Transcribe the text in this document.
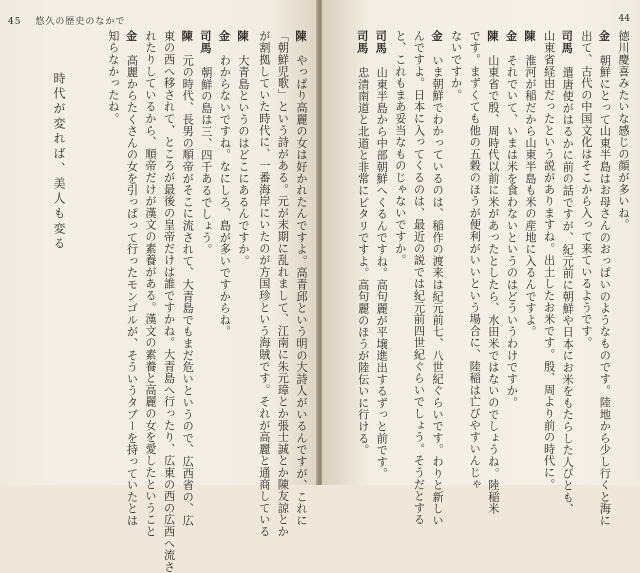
45 悠久の歴史のなかで
陳やっぱり高麗の女は好かれたんですよ。高青邱という明の大詩人がいるんですが、これに
「朝鮮児歌」という詩がある。元が末期に乱れまして、江南に朱元璋とか張士誠とか陳友諒とか
が割拠していた時代に、一番海岸にいたのが方国珍という海賊です。それが高麗と通商している
陳大青島というのはどこにあるんですか。
金わからないですね。なにしろ、島が多いですからね。
司馬朝鮮の島は三、四千あるでしょう。
陳元の時代、長男の順帝がそこに流されて、大青島でもまだ危いというので、広西省の、広
東の西へ移されて、ところが最後の皇帝だけは誰ですかね。大青島へ行ったり、広東の西の広西へ流さ
れたりしているから、順帝だけが漢文の素養がある。漢文の素養と高麗の女を愛したということ
金高麗からたくさんの女を引っぱって行ったモンゴルが、そういうタブーを持っていたとは
知らなかったね。
時代が変れば、美人も変る
44
徳川慶喜みたいな感じの顔が多いね。
金朝鮮にとって山東半島はお母さんのおっぱいのようなものです。陸地から少し行くと海に
出て、古代の中国文化はそこから入って来ているようです。
司馬遣唐使がはるかに前の話ですが、紀元前に朝鮮や日本にお米をもたらした人びとも、
山東省経由だったという説がありますね。出土したお米です。殷、周より前の時代に。
陳淮河が稲だから山東半島も米の産地に入るんですよ。
金それでいて、いまは米を食わないというのはどういうわけですか。
陳山東省で殷、周時代以前に米があったとしたら、水田米ではないのでしょうね。陸稲米
です。まずくても他の五穀のほうが便利がいいという場合に、陸稲は亡びやすいんじゃ
ないですか。
金いま朝鮮でわかっているのは、稲作の渡来は紀元前七、八世紀ぐらいです。わりと新しい
んですよ。日本に入ってくるのは、最近の説では紀元前四世紀ぐらいでしょう。そうだとする
と、これもまあ妥当なものじゃないですか。
司馬山東半島から中部朝鮮へくるんですね。高句麗が平壌進出するずっと前です。
司馬忠清南道と北道と非常にピタリですよ。高句麗のほうが陸伝いに行ける。
